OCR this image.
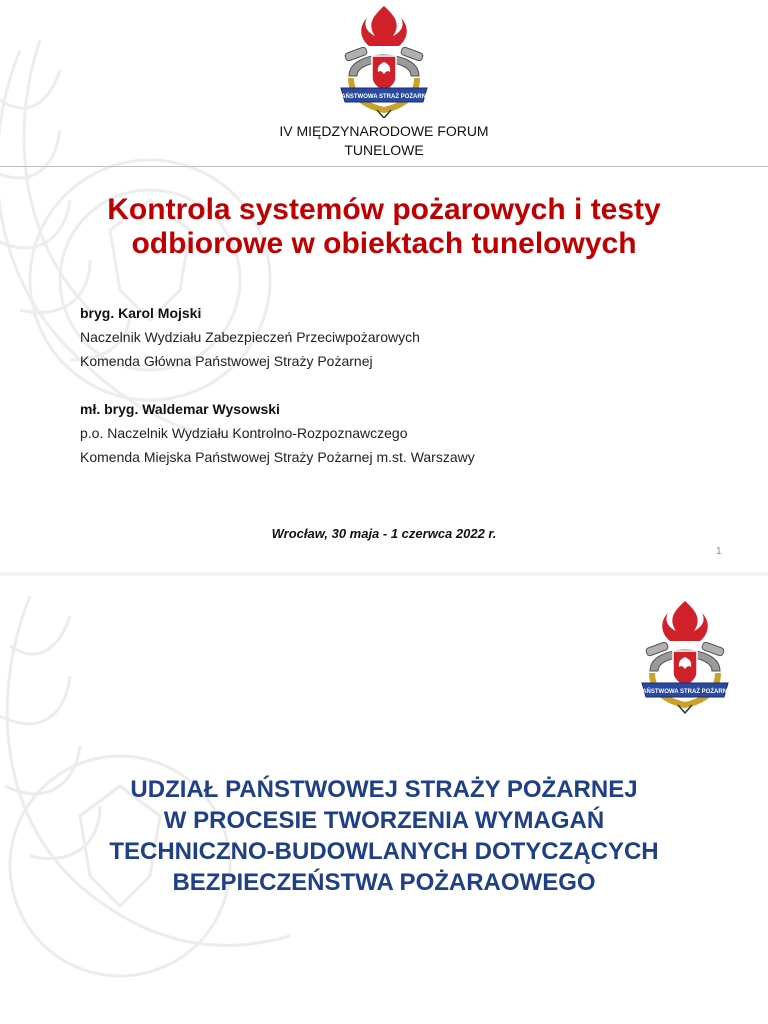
PAŃSTWOWA STRAŻ POŻARNA
IV MIĘDZYNARODOWE FORUM
TUNELOWE
Kontrola systemów pożarowych i testy
odbiorowe w obiektach tunelowych
bryg. Karol Mojski
Naczelnik Wydziału Zabezpieczeń Przeciwpożarowych
Komenda Główna Państwowej Straży Pożarnej
mł. bryg. Waldemar Wysowski
p.o. Naczelnik Wydziału Kontrolno-Rozpoznawczego
Komenda Miejska Państwowej Straży Pożarnej m.st. Warszawy
Wrocław, 30 maja - 1 czerwca 2022 r.
1
PAŃSTWOWA STRAŻ POŻARNA
UDZIAŁ PAŃSTWOWEJ STRAŻY POŻARNEJ
W PROCESIE TWORZENIA WYMAGAŃ
TECHNICZNO-BUDOWLANYCH DOTYCZĄCYCH
BEZPIECZEŃSTWA POŻARAOWEGO
